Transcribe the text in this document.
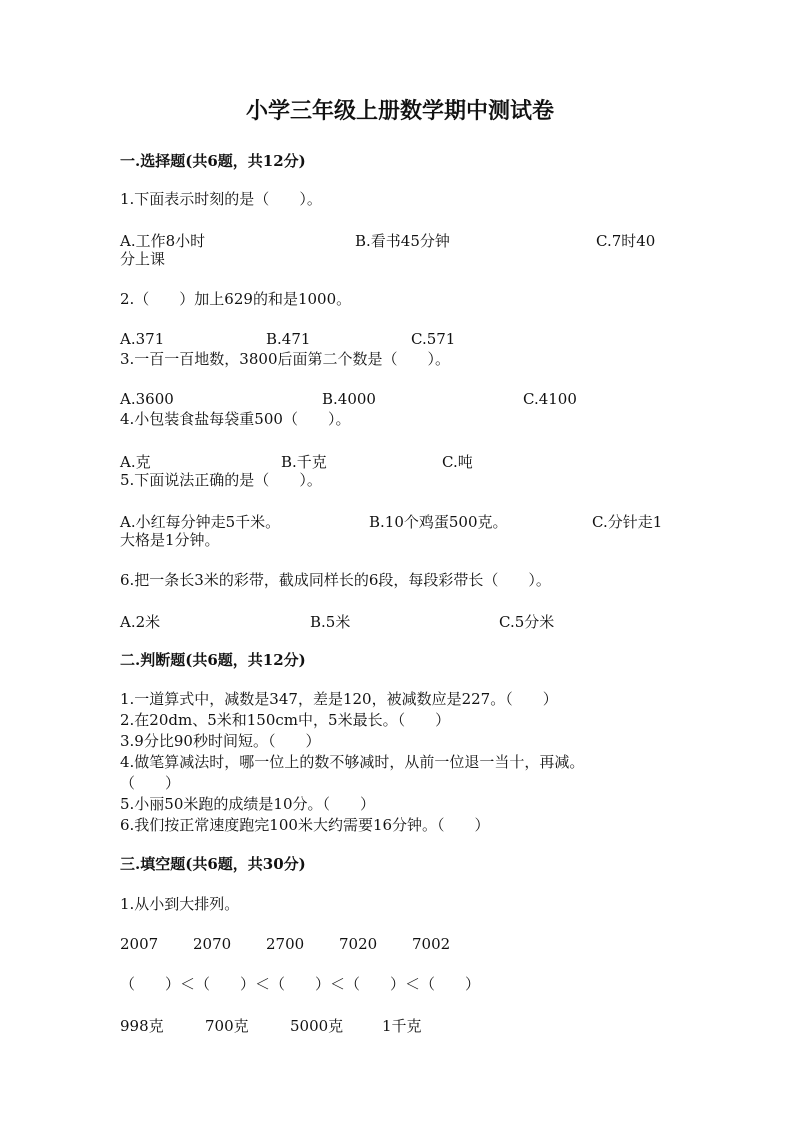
小学三年级上册数学期中测试卷
一.选择题(共6题，共12分)
1.下面表示时刻的是（　　）。
A.工作8小时	B.看书45分钟	C.7时40
分上课
2.（　　）加上629的和是1000。
A.371	B.471	C.571
3.一百一百地数，3800后面第二个数是（　　）。
A.3600	B.4000	C.4100
4.小包装食盐每袋重500（　　）。
A.克	B.千克	C.吨
5.下面说法正确的是（　　）。
A.小红每分钟走5千米。	B.10个鸡蛋500克。	C.分针走1
大格是1分钟。
6.把一条长3米的彩带，截成同样长的6段，每段彩带长（　　）。
A.2米	B.5米	C.5分米
二.判断题(共6题，共12分)
1.一道算式中，减数是347，差是120，被减数应是227。（　　）
2.在20dm、5米和150cm中，5米最长。（　　）
3.9分比90秒时间短。（　　）
4.做笔算减法时，哪一位上的数不够减时，从前一位退一当十，再减。
（　　）
5.小丽50米跑的成绩是10分。（　　）
6.我们按正常速度跑完100米大约需要16分钟。（　　）
三.填空题(共6题，共30分)
1.从小到大排列。
2007 2070 2700 7020 7002
（　　）＜（　　）＜（　　）＜（　　）＜（　　）
998克	700克	5000克	1千克
